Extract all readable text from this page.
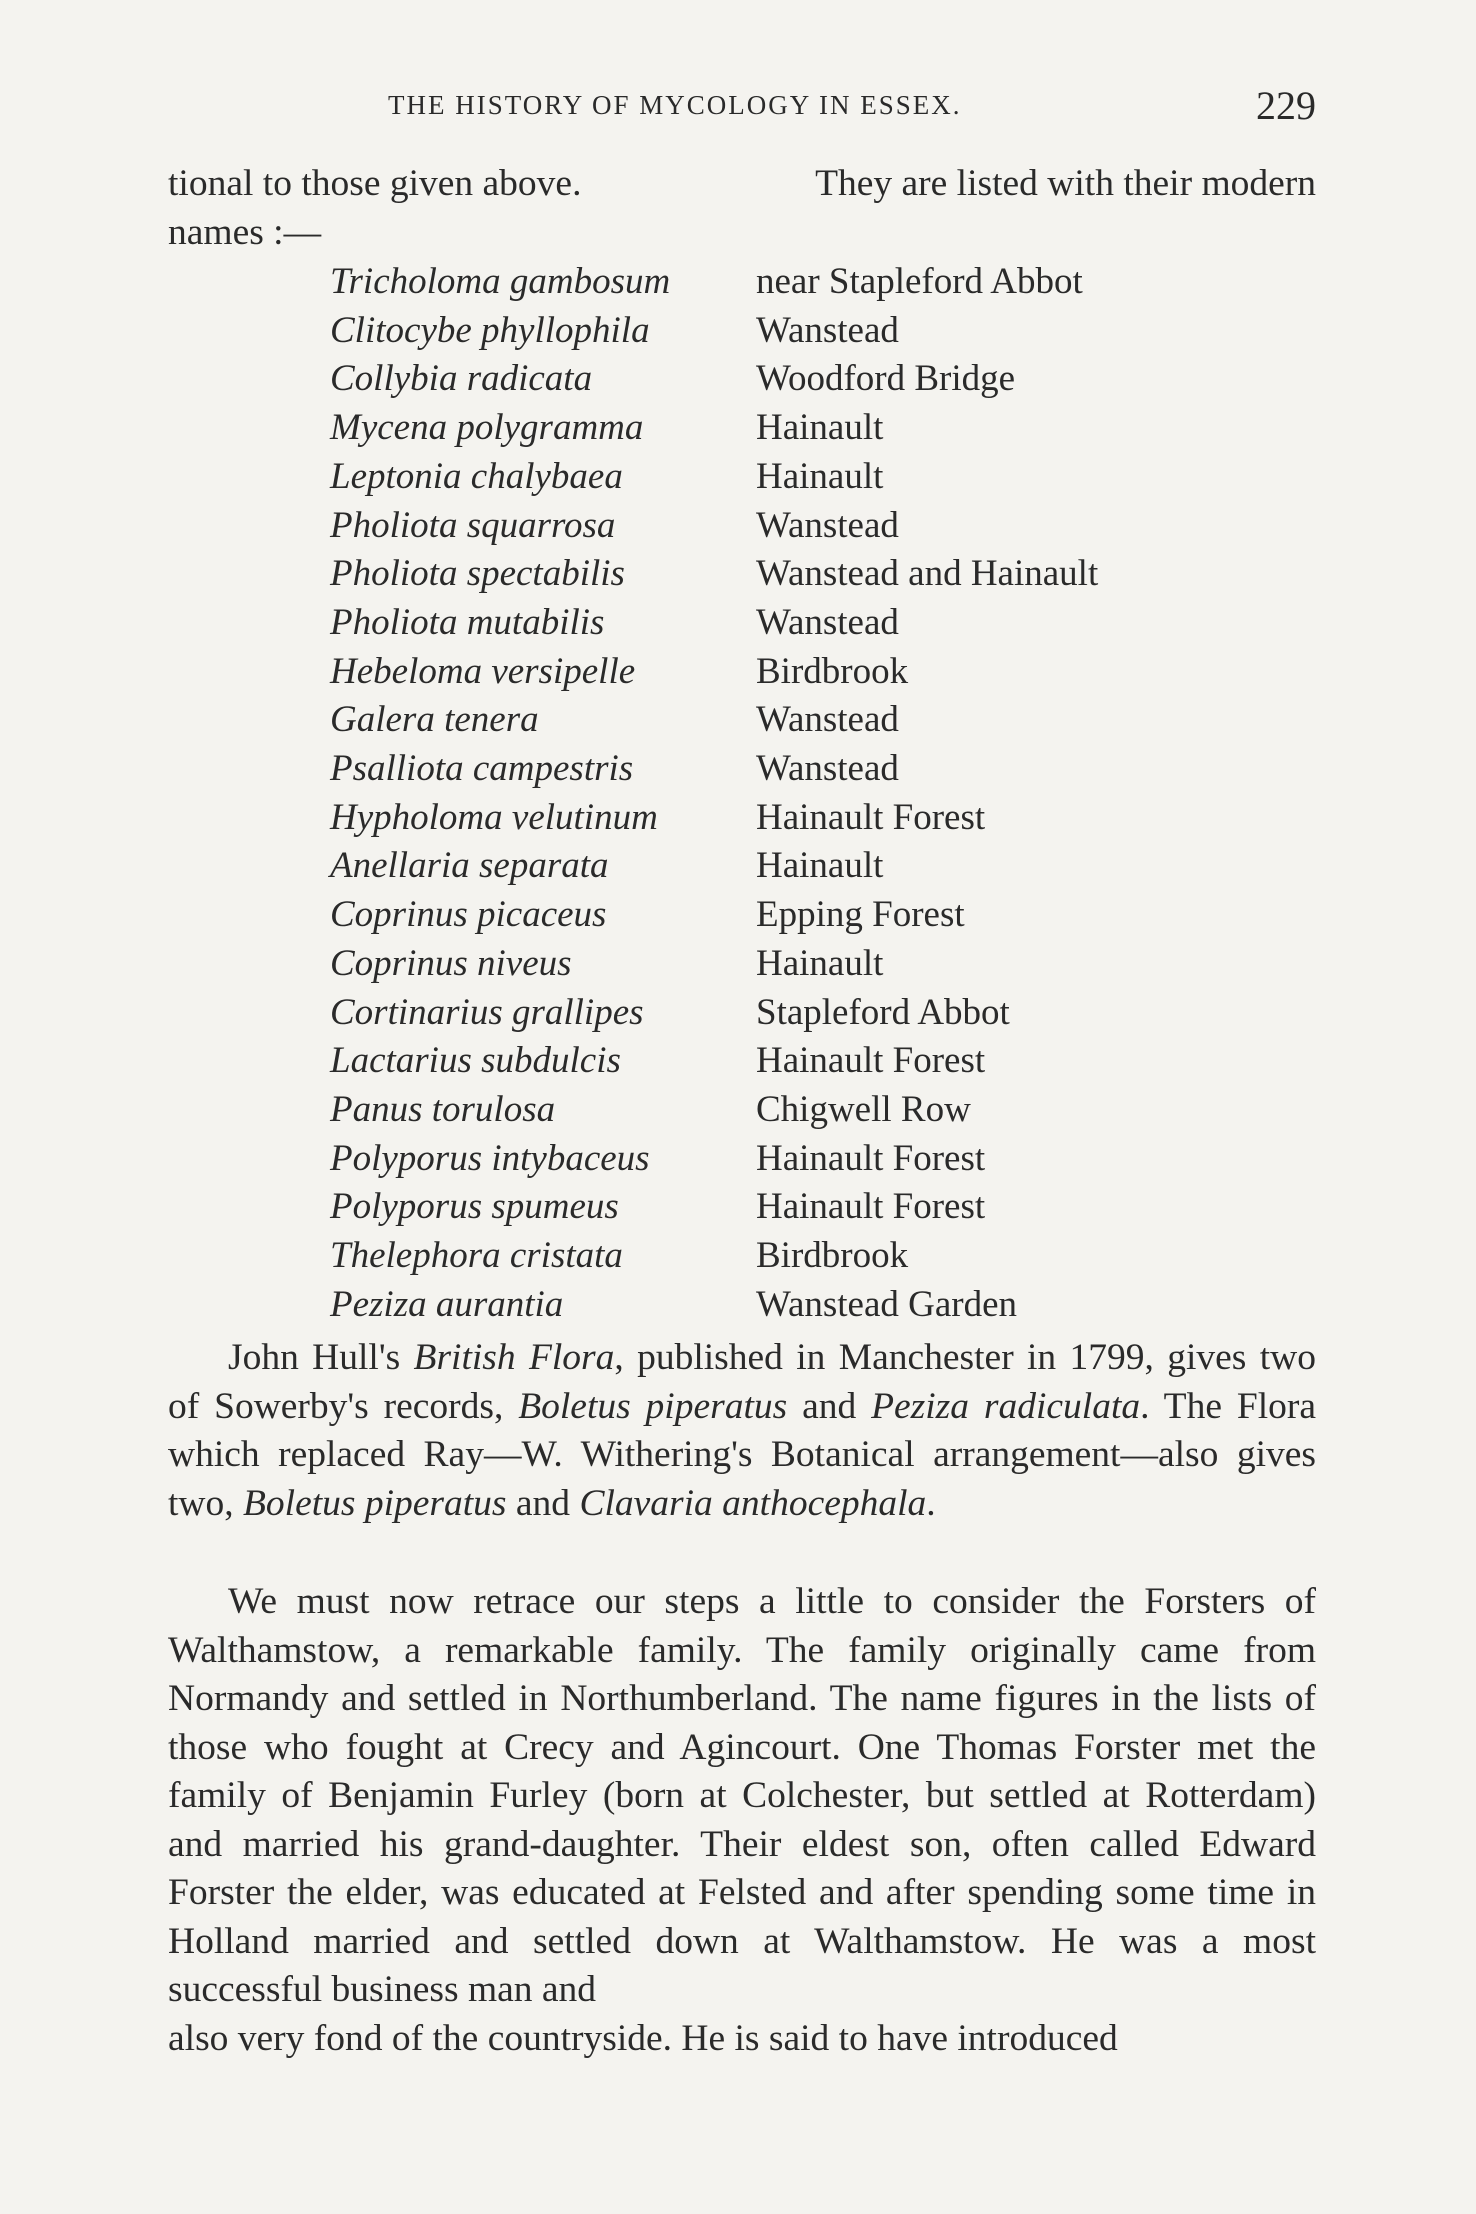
THE HISTORY OF MYCOLOGY IN ESSEX.	229
tional to those given above.	They are listed with their modern
names :—
Tricholoma gambosum	near Stapleford Abbot
Clitocybe phyllophila	Wanstead
Collybia radicata	Woodford Bridge
Mycena polygramma	Hainault
Leptonia chalybaea	Hainault
Pholiota squarrosa	Wanstead
Pholiota spectabilis	Wanstead and Hainault
Pholiota mutabilis	Wanstead
Hebeloma versipelle	Birdbrook
Galera tenera	Wanstead
Psalliota campestris	Wanstead
Hypholoma velutinum	Hainault Forest
Anellaria separata	Hainault
Coprinus picaceus	Epping Forest
Coprinus niveus	Hainault
Cortinarius grallipes	Stapleford Abbot
Lactarius subdulcis	Hainault Forest
Panus torulosa	Chigwell Row
Polyporus intybaceus	Hainault Forest
Polyporus spumeus	Hainault Forest
Thelephora cristata	Birdbrook
Peziza aurantia	Wanstead Garden
John Hull's British Flora, published in Manchester in 1799, gives two of Sowerby's records, Boletus piperatus and Peziza radiculata. The Flora which replaced Ray—W. Withering's Botanical arrangement—also gives two, Boletus piperatus and Clavaria anthocephala.
We must now retrace our steps a little to consider the Forsters of Walthamstow, a remarkable family. The family originally came from Normandy and settled in Northumberland. The name figures in the lists of those who fought at Crecy and Agincourt. One Thomas Forster met the family of Benjamin Furley (born at Colchester, but settled at Rotterdam) and married his grand-daughter. Their eldest son, often called Edward Forster the elder, was educated at Felsted and after spending some time in Holland married and settled down at Walthamstow. He was a most successful business man and
also very fond of the countryside. He is said to have introduced
